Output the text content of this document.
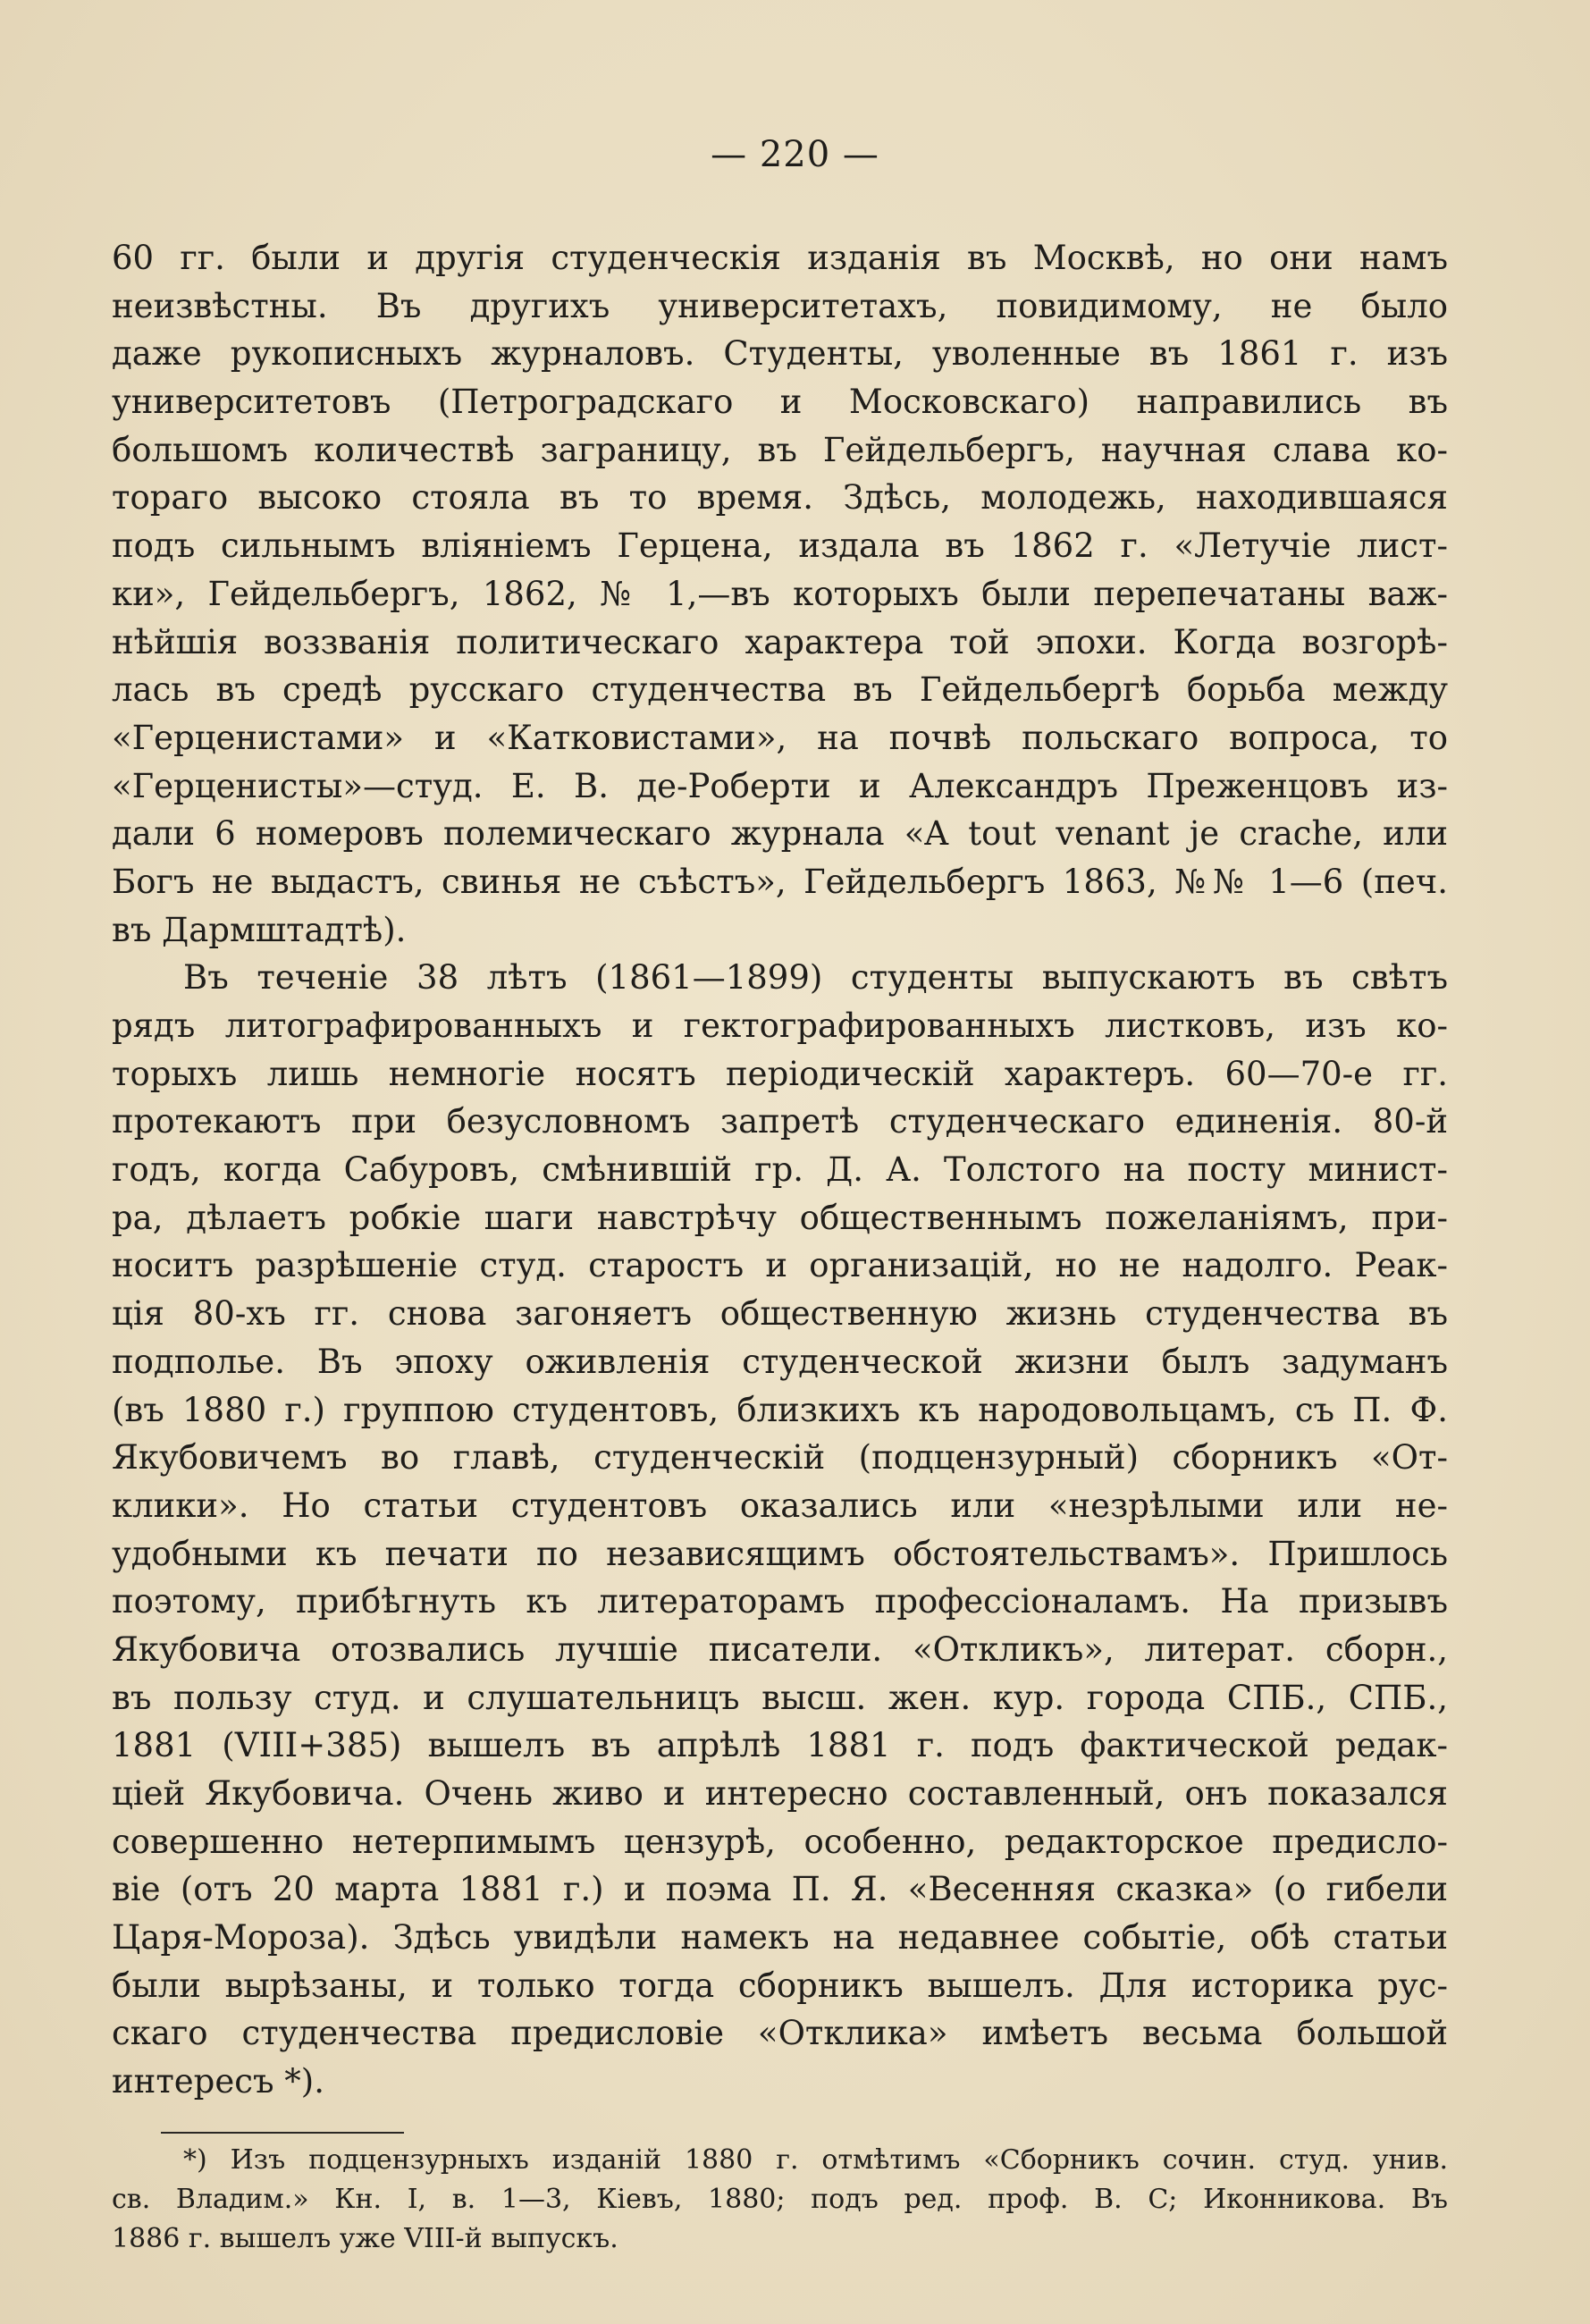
— 220 —
60 гг. были и другія студенческія изданія въ Москвѣ, но они намъ
неизвѣстны. Въ другихъ университетахъ, повидимому, не было
даже рукописныхъ журналовъ. Студенты, уволенные въ 1861 г. изъ
университетовъ (Петроградскаго и Московскаго) направились въ
большомъ количествѣ заграницу, въ Гейдельбергъ, научная слава ко-
тораго высоко стояла въ то время. Здѣсь, молодежь, находившаяся
подъ сильнымъ вліяніемъ Герцена, издала въ 1862 г. «Летучіе лист-
ки», Гейдельбергъ, 1862, № 1,—въ которыхъ были перепечатаны важ-
нѣйшія воззванія политическаго характера той эпохи. Когда возгорѣ-
лась въ средѣ русскаго студенчества въ Гейдельбергѣ борьба между
«Герценистами» и «Катковистами», на почвѣ польскаго вопроса, то
«Герценисты»—студ. Е. В. де-Роберти и Александръ Преженцовъ из-
дали 6 номеровъ полемическаго журнала «A tout venant je crache, или
Богъ не выдастъ, свинья не съѣстъ», Гейдельбергъ 1863, №№ 1—6 (печ.
въ Дармштадтѣ).
Въ теченіе 38 лѣтъ (1861—1899) студенты выпускаютъ въ свѣтъ
рядъ литографированныхъ и гектографированныхъ листковъ, изъ ко-
торыхъ лишь немногіе носятъ періодическій характеръ. 60—70-е гг.
протекаютъ при безусловномъ запретѣ студенческаго единенія. 80-й
годъ, когда Сабуровъ, смѣнившій гр. Д. А. Толстого на посту минист-
ра, дѣлаетъ робкіе шаги навстрѣчу общественнымъ пожеланіямъ, при-
носитъ разрѣшеніе студ. старостъ и организацій, но не надолго. Реак-
ція 80-хъ гг. снова загоняетъ общественную жизнь студенчества въ
подполье. Въ эпоху оживленія студенческой жизни былъ задуманъ
(въ 1880 г.) группою студентовъ, близкихъ къ народовольцамъ, съ П. Ф.
Якубовичемъ во главѣ, студенческій (подцензурный) сборникъ «От-
клики». Но статьи студентовъ оказались или «незрѣлыми или не-
удобными къ печати по независящимъ обстоятельствамъ». Пришлось
поэтому, прибѣгнуть къ литераторамъ профессіоналамъ. На призывъ
Якубовича отозвались лучшіе писатели. «Откликъ», литерат. сборн.,
въ пользу студ. и слушательницъ высш. жен. кур. города СПБ., СПБ.,
1881 (VIII+385) вышелъ въ апрѣлѣ 1881 г. подъ фактической редак-
ціей Якубовича. Очень живо и интересно составленный, онъ показался
совершенно нетерпимымъ цензурѣ, особенно, редакторское предисло-
віе (отъ 20 марта 1881 г.) и поэма П. Я. «Весенняя сказка» (о гибели
Царя-Мороза). Здѣсь увидѣли намекъ на недавнее событіе, обѣ статьи
были вырѣзаны, и только тогда сборникъ вышелъ. Для историка рус-
скаго студенчества предисловіе «Отклика» имѣетъ весьма большой
интересъ *).
*) Изъ подцензурныхъ изданій 1880 г. отмѣтимъ «Сборникъ сочин. студ. унив.
св. Владим.» Кн. I, в. 1—3, Кіевъ, 1880; подъ ред. проф. В. С; Иконникова. Въ
1886 г. вышелъ уже VIII-й выпускъ.
